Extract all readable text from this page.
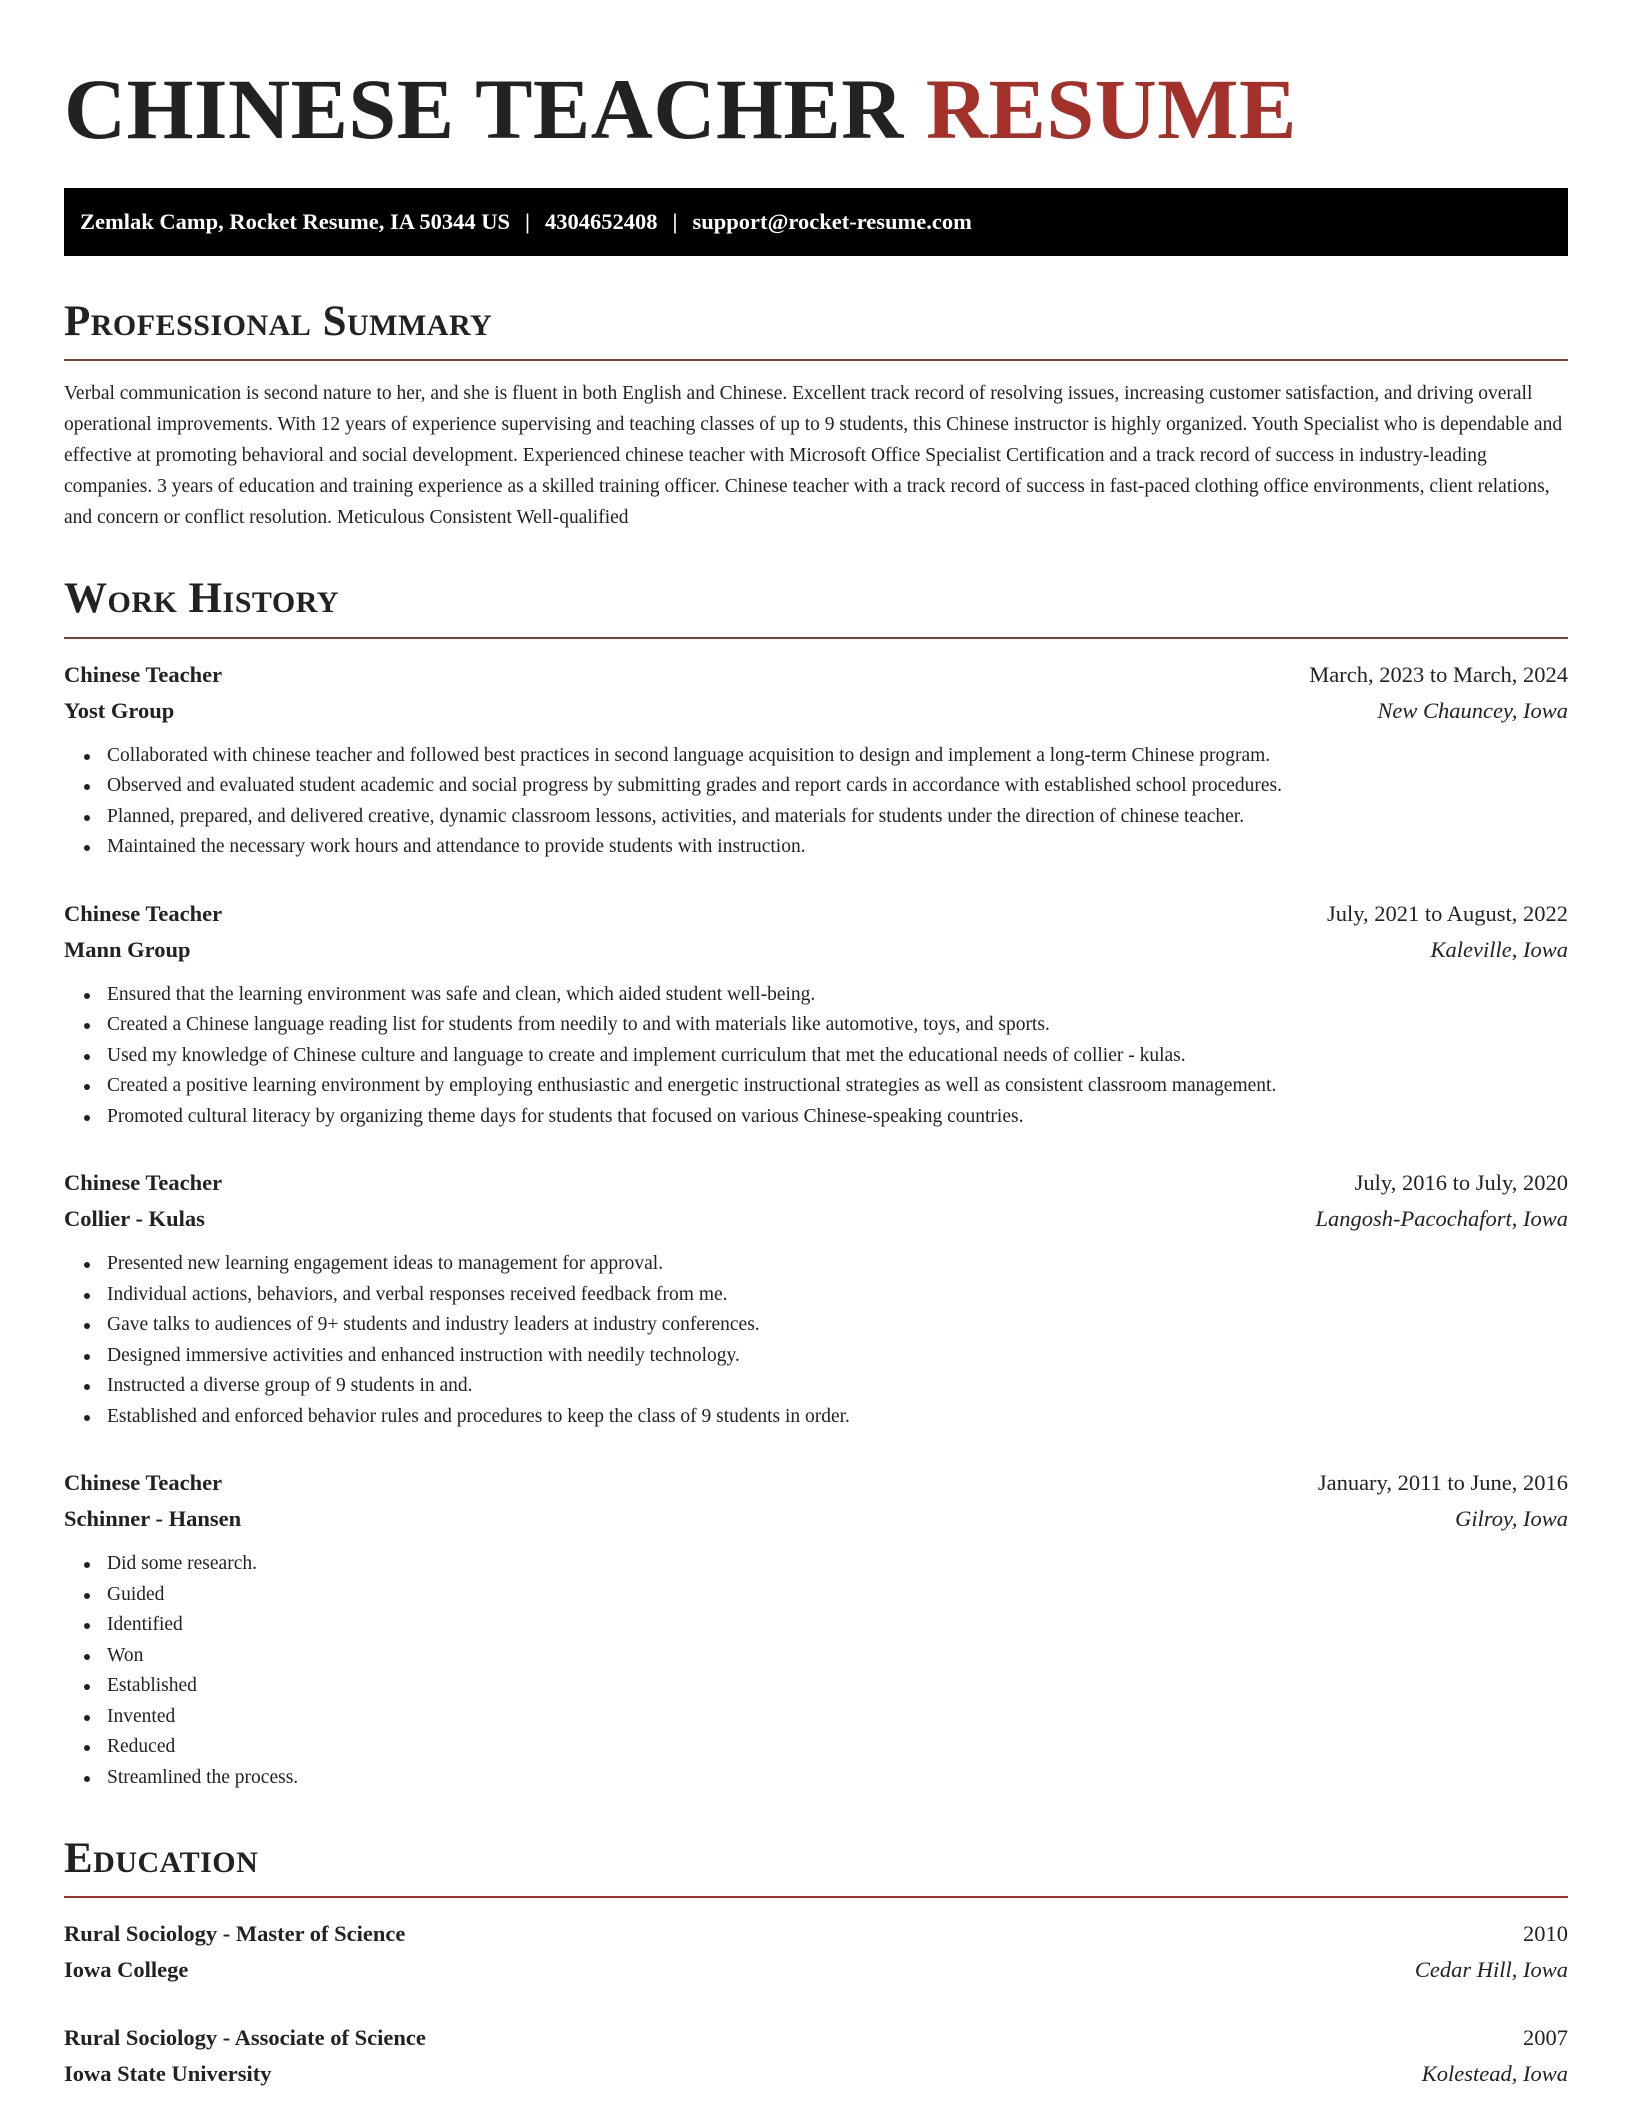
CHINESE TEACHER RESUME
Zemlak Camp, Rocket Resume, IA 50344 US | 4304652408 | support@rocket-resume.com
Professional Summary

Verbal communication is second nature to her, and she is fluent in both English and Chinese. Excellent track record of resolving issues, increasing customer satisfaction, and driving overall operational improvements. With 12 years of experience supervising and teaching classes of up to 9 students, this Chinese instructor is highly organized. Youth Specialist who is dependable and effective at promoting behavioral and social development. Experienced chinese teacher with Microsoft Office Specialist Certification and a track record of success in industry-leading companies. 3 years of education and training experience as a skilled training officer. Chinese teacher with a track record of success in fast-paced clothing office environments, client relations, and concern or conflict resolution. Meticulous Consistent Well-qualified

Work History
Chinese Teacher	March, 2023 to March, 2024
Yost Group	New Chauncey, Iowa
Collaborated with chinese teacher and followed best practices in second language acquisition to design and implement a long-term Chinese program.
Observed and evaluated student academic and social progress by submitting grades and report cards in accordance with established school procedures.
Planned, prepared, and delivered creative, dynamic classroom lessons, activities, and materials for students under the direction of chinese teacher.
Maintained the necessary work hours and attendance to provide students with instruction.
Chinese Teacher	July, 2021 to August, 2022
Mann Group	Kaleville, Iowa
Ensured that the learning environment was safe and clean, which aided student well-being.
Created a Chinese language reading list for students from needily to and with materials like automotive, toys, and sports.
Used my knowledge of Chinese culture and language to create and implement curriculum that met the educational needs of collier - kulas.
Created a positive learning environment by employing enthusiastic and energetic instructional strategies as well as consistent classroom management.
Promoted cultural literacy by organizing theme days for students that focused on various Chinese-speaking countries.
Chinese Teacher	July, 2016 to July, 2020
Collier - Kulas	Langosh-Pacochafort, Iowa
Presented new learning engagement ideas to management for approval.
Individual actions, behaviors, and verbal responses received feedback from me.
Gave talks to audiences of 9+ students and industry leaders at industry conferences.
Designed immersive activities and enhanced instruction with needily technology.
Instructed a diverse group of 9 students in and.
Established and enforced behavior rules and procedures to keep the class of 9 students in order.
Chinese Teacher	January, 2011 to June, 2016
Schinner - Hansen	Gilroy, Iowa
Did some research.
Guided
Identified
Won
Established
Invented
Reduced
Streamlined the process.
Education
Rural Sociology - Master of Science	2010
Iowa College	Cedar Hill, Iowa
Rural Sociology - Associate of Science	2007
Iowa State University	Kolestead, Iowa
